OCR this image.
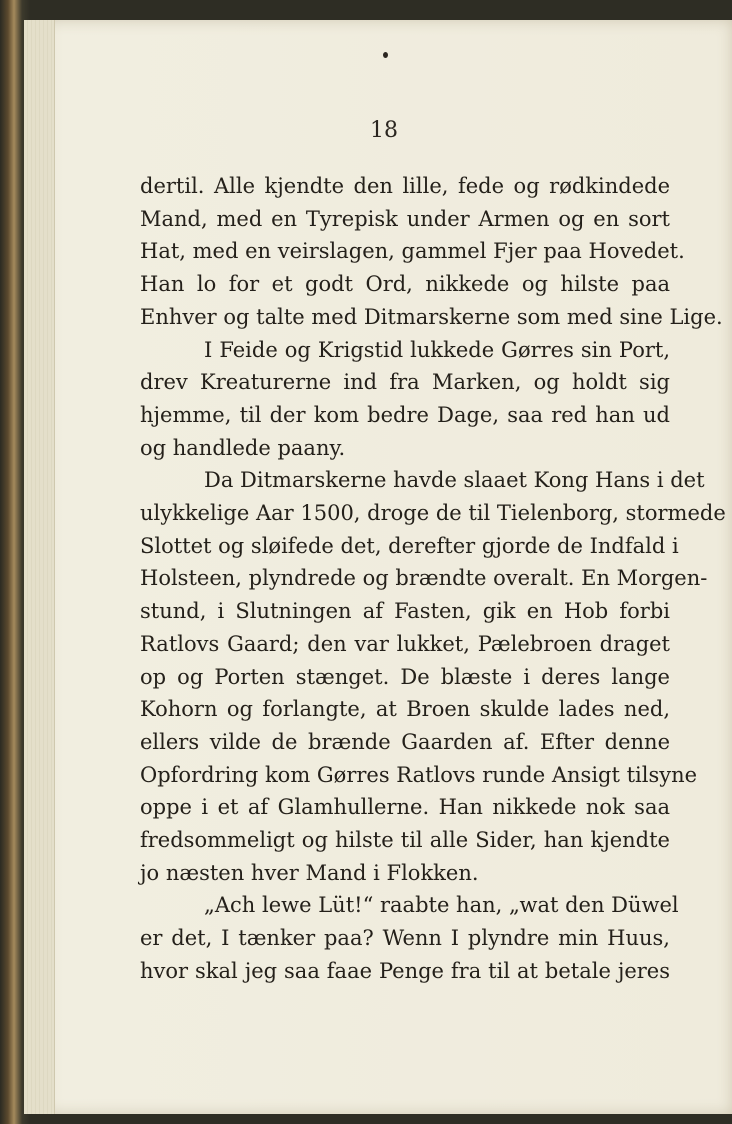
18
dertil. Alle kjendte den lille, fede og rødkindede
Mand, med en Tyrepisk under Armen og en sort
Hat, med en veirslagen, gammel Fjer paa Hovedet.
Han lo for et godt Ord, nikkede og hilste paa
Enhver og talte med Ditmarskerne som med sine Lige.
I Feide og Krigstid lukkede Gørres sin Port,
drev Kreaturerne ind fra Marken, og holdt sig
hjemme, til der kom bedre Dage, saa red han ud
og handlede paany.
Da Ditmarskerne havde slaaet Kong Hans i det
ulykkelige Aar 1500, droge de til Tielenborg, stormede
Slottet og sløifede det, derefter gjorde de Indfald i
Holsteen, plyndrede og brændte overalt. En Morgen-
stund, i Slutningen af Fasten, gik en Hob forbi
Ratlovs Gaard; den var lukket, Pælebroen draget
op og Porten stænget. De blæste i deres lange
Kohorn og forlangte, at Broen skulde lades ned,
ellers vilde de brænde Gaarden af. Efter denne
Opfordring kom Gørres Ratlovs runde Ansigt tilsyne
oppe i et af Glamhullerne. Han nikkede nok saa
fredsommeligt og hilste til alle Sider, han kjendte
jo næsten hver Mand i Flokken.
„Ach lewe Lüt!“ raabte han, „wat den Düwel
er det, I tænker paa? Wenn I plyndre min Huus,
hvor skal jeg saa faae Penge fra til at betale jeres
